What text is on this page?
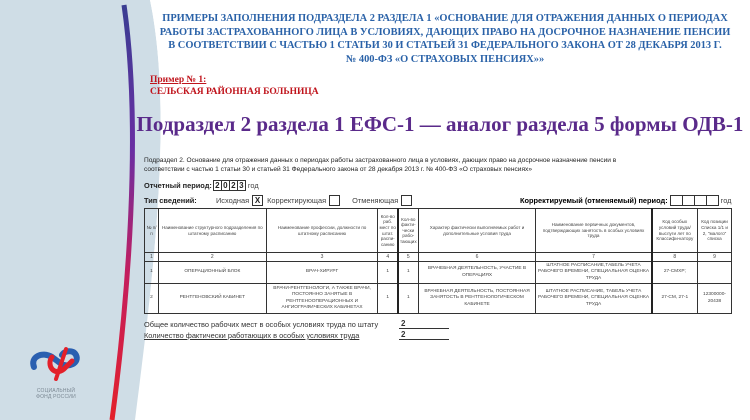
СОЦИАЛЬНЫЙ
ФОНД РОССИИ
ПРИМЕРЫ ЗАПОЛНЕНИЯ ПОДРАЗДЕЛА 2 РАЗДЕЛА 1 «ОСНОВАНИЕ ДЛЯ ОТРАЖЕНИЯ ДАННЫХ О ПЕРИОДАХ
РАБОТЫ ЗАСТРАХОВАННОГО ЛИЦА В УСЛОВИЯХ, ДАЮЩИХ ПРАВО НА ДОСРОЧНОЕ НАЗНАЧЕНИЕ ПЕНСИИ
В СООТВЕТСТВИИ С ЧАСТЬЮ 1 СТАТЬИ 30 И СТАТЬЕЙ 31 ФЕДЕРАЛЬНОГО ЗАКОНА ОТ 28 ДЕКАБРЯ 2013 Г.
№ 400-ФЗ «О СТРАХОВЫХ ПЕНСИЯХ»»
Пример № 1:
СЕЛЬСКАЯ РАЙОННАЯ БОЛЬНИЦА
Подраздел 2 раздела 1 ЕФС-1 — аналог раздела 5 формы ОДВ-1
Подраздел 2. Основание для отражения данных о периодах работы застрахованного лица в условиях, дающих право на досрочное назначение пенсии в
соответствии с частью 1 статьи 30 и статьей 31 Федерального закона от 28 декабря 2013 г. № 400-ФЗ «О страховых пенсиях»
Отчетный период: 2 0 2 3 год
Тип сведений:	Исходная X Корректирующая	Отменяющая	Корректируемый (отменяемый) период:	год
№ п/п	Наименование структурного подразделения по штатному расписанию	Наименование профессии, должности по штатному расписанию	Кол-во раб. мест по штат. распи-санию	Кол-во факти-чески рабо-тающих	Характер фактически выполняемых работ и дополнительные условия труда	Наименование первичных документов, подтверждающих занятость в особых условиях труда	Код особых условий труда/выслуги лет по Классифи-катору	Код позиции Списка 1/1 и 2, "малого" списка
1	2	3	4	5	6	7	8	9
1	ОПЕРАЦИОННЫЙ БЛОК	ВРАЧ-ХИРУРГ	1	1	ВРАЧЕБНАЯ ДЕЯТЕЛЬНОСТЬ, УЧАСТИЕ В ОПЕРАЦИЯХ	ШТАТНОЕ РАСПИСАНИЕ,ТАБЕЛЬ УЧЕТА РАБОЧЕГО ВРЕМЕНИ, СПЕЦИАЛЬНАЯ ОЦЕНКА ТРУДА	27-СМХР;	
2	РЕНТГЕНОВСКИЙ КАБИНЕТ	ВРАЧИ-РЕНТГЕНОЛОГИ, А ТАКЖЕ ВРАЧИ, ПОСТОЯННО ЗАНЯТЫЕ В РЕНТГЕНООПЕРАЦИОННЫХ И АНГИОГРАФИЧЕСКИХ КАБИНЕТАХ	1	1	ВРАЧЕБНАЯ ДЕЯТЕЛЬНОСТЬ, ПОСТОЯННАЯ ЗАНЯТОСТЬ В РЕНТГЕНОЛОГИЧЕСКОМ КАБИНЕТЕ	ШТАТНОЕ РАСПИСАНИЕ, ТАБЕЛЬ УЧЕТА РАБОЧЕГО ВРЕМЕНИ, СПЕЦИАЛЬНАЯ ОЦЕНКА ТРУДА	27-СМ, 27-1	12300000-20438
Общее количество рабочих мест в особых условиях труда по штату	2
Количество фактически работающих в особых условиях труда	2
